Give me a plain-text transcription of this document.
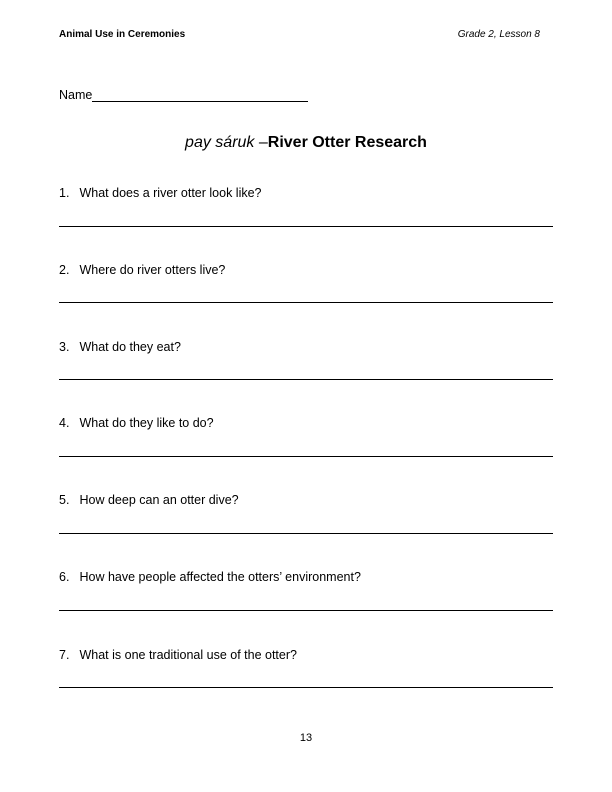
Animal Use in Ceremonies	Grade 2, Lesson 8
Name
pay sáruk –River Otter Research
1. What does a river otter look like?
2. Where do river otters live?
3. What do they eat?
4. What do they like to do?
5. How deep can an otter dive?
6. How have people affected the otters’ environment?
7. What is one traditional use of the otter?
13
